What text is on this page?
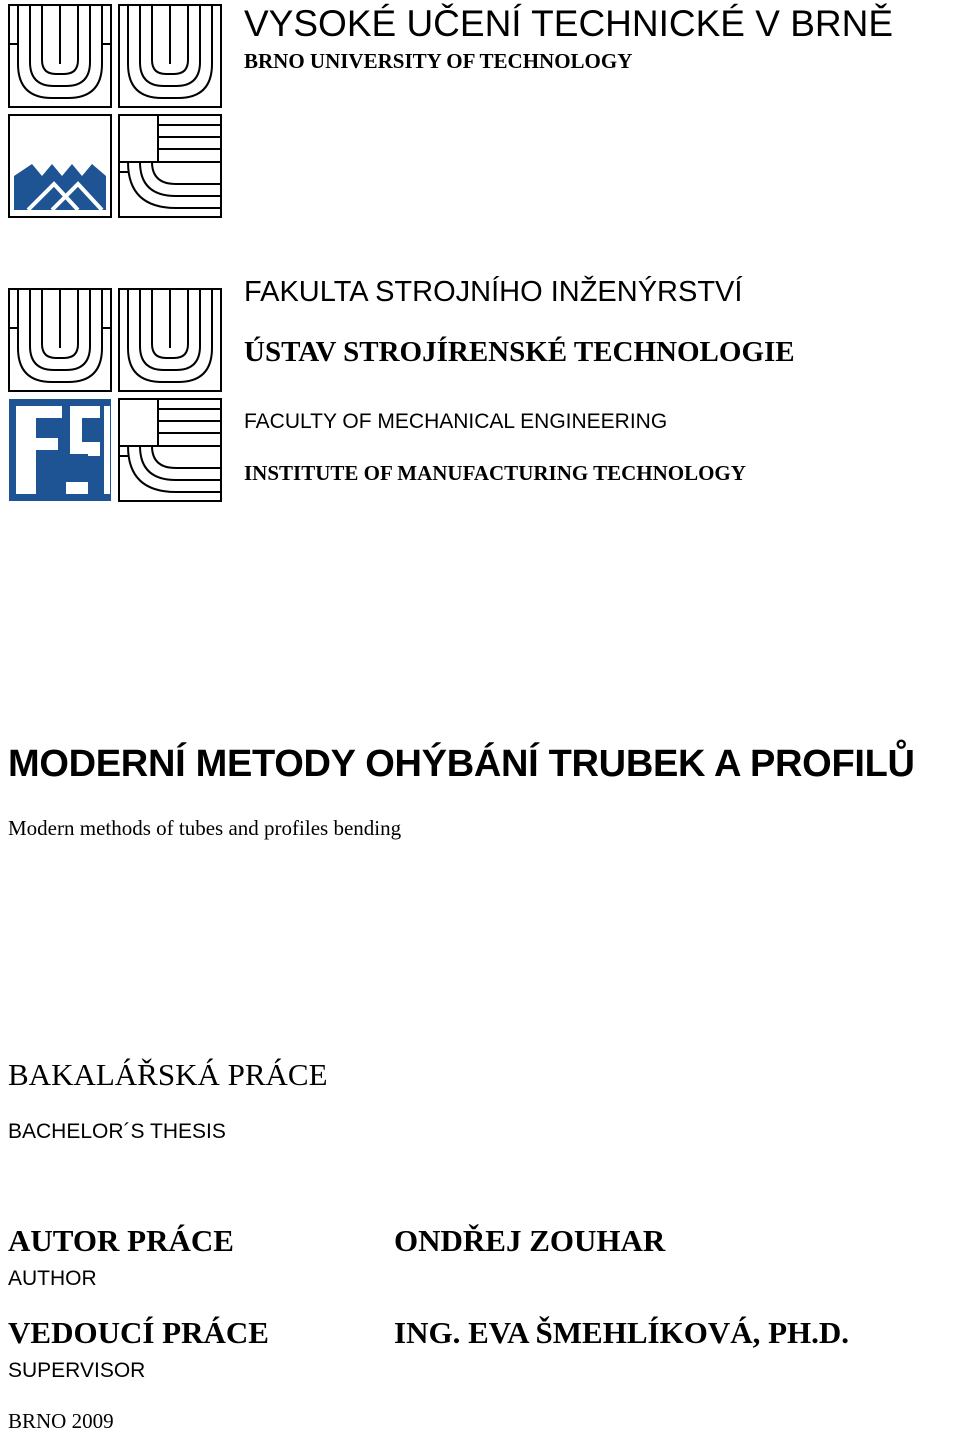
VYSOKÉ UČENÍ TECHNICKÉ V BRNĚ
BRNO UNIVERSITY OF TECHNOLOGY
FAKULTA STROJNÍHO INŽENÝRSTVÍ
ÚSTAV STROJÍRENSKÉ TECHNOLOGIE
FACULTY OF MECHANICAL ENGINEERING
INSTITUTE OF MANUFACTURING TECHNOLOGY
MODERNÍ METODY OHÝBÁNÍ TRUBEK A PROFILŮ
Modern methods of tubes and profiles bending
BAKALÁŘSKÁ PRÁCE
BACHELOR´S THESIS
AUTOR PRÁCE
AUTHOR
ONDŘEJ ZOUHAR
VEDOUCÍ PRÁCE
SUPERVISOR
ING. EVA ŠMEHLÍKOVÁ, PH.D.
BRNO 2009
